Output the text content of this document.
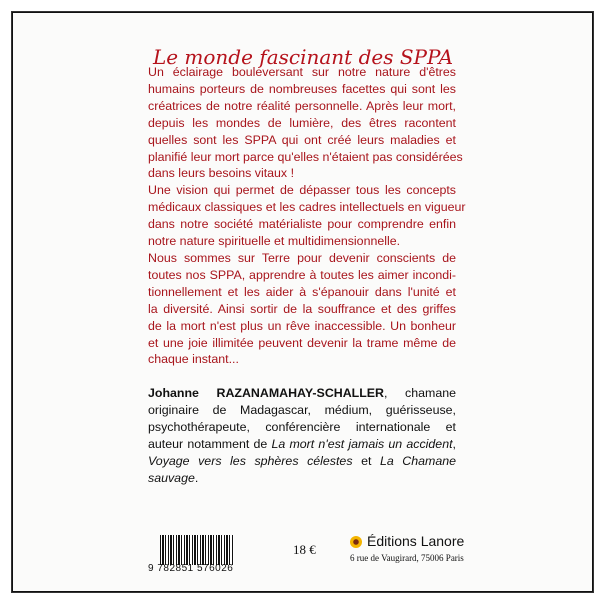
Le monde fascinant des SPPA
Un éclairage bouleversant sur notre nature d'êtres
humains porteurs de nombreuses facettes qui sont les
créatrices de notre réalité personnelle. Après leur mort,
depuis les mondes de lumière, des êtres racontent
quelles sont les SPPA qui ont créé leurs maladies et
planifié leur mort parce qu'elles n'étaient pas considérées
dans leurs besoins vitaux !
Une vision qui permet de dépasser tous les concepts
médicaux classiques et les cadres intellectuels en vigueur
dans notre société matérialiste pour comprendre enfin
notre nature spirituelle et multidimensionnelle.
Nous sommes sur Terre pour devenir conscients de
toutes nos SPPA, apprendre à toutes les aimer incondi-
tionnellement et les aider à s'épanouir dans l'unité et
la diversité. Ainsi sortir de la souffrance et des griffes
de la mort n'est plus un rêve inaccessible. Un bonheur
et une joie illimitée peuvent devenir la trame même de
chaque instant...
Johanne RAZANAMAHAY-SCHALLER, chamane originaire de Madagascar, médium, guérisseuse, psychothérapeute, conférencière internationale et auteur notamment de La mort n'est jamais un accident, Voyage vers les sphères célestes et La Chamane sauvage.
9 782851 576026
18 €
Éditions Lanore
6 rue de Vaugirard, 75006 Paris
